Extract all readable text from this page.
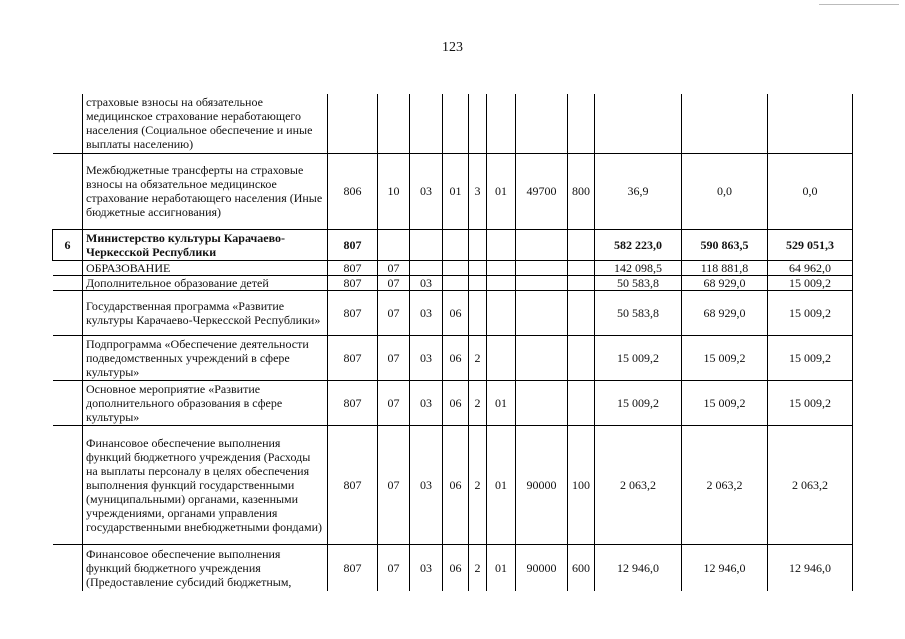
123
	страховые взносы на обязательное медицинское страхование неработающего населения (Социальное обеспечение и иные выплаты населению)											
	Межбюджетные трансферты на страховые взносы на обязательное медицинское страхование неработающего населения (Иные бюджетные ассигнования)	806	10	03	01	3	01	49700	800	36,9	0,0	0,0
6	Министерство культуры Карачаево-Черкесской Республики	807								582 223,0	590 863,5	529 051,3
	ОБРАЗОВАНИЕ	807	07							142 098,5	118 881,8	64 962,0
	Дополнительное образование детей	807	07	03						50 583,8	68 929,0	15 009,2
	Государственная программа «Развитие культуры Карачаево-Черкесской Республики»	807	07	03	06					50 583,8	68 929,0	15 009,2
	Подпрограмма «Обеспечение деятельности подведомственных учреждений в сфере культуры»	807	07	03	06	2				15 009,2	15 009,2	15 009,2
	Основное мероприятие «Развитие дополнительного образования в сфере культуры»	807	07	03	06	2	01			15 009,2	15 009,2	15 009,2
	Финансовое обеспечение выполнения функций бюджетного учреждения (Расходы на выплаты персоналу в целях обеспечения выполнения функций государственными (муниципальными) органами, казенными учреждениями, органами управления государственными внебюджетными фондами)	807	07	03	06	2	01	90000	100	2 063,2	2 063,2	2 063,2
	Финансовое обеспечение выполнения функций бюджетного учреждения (Предоставление субсидий бюджетным,	807	07	03	06	2	01	90000	600	12 946,0	12 946,0	12 946,0
